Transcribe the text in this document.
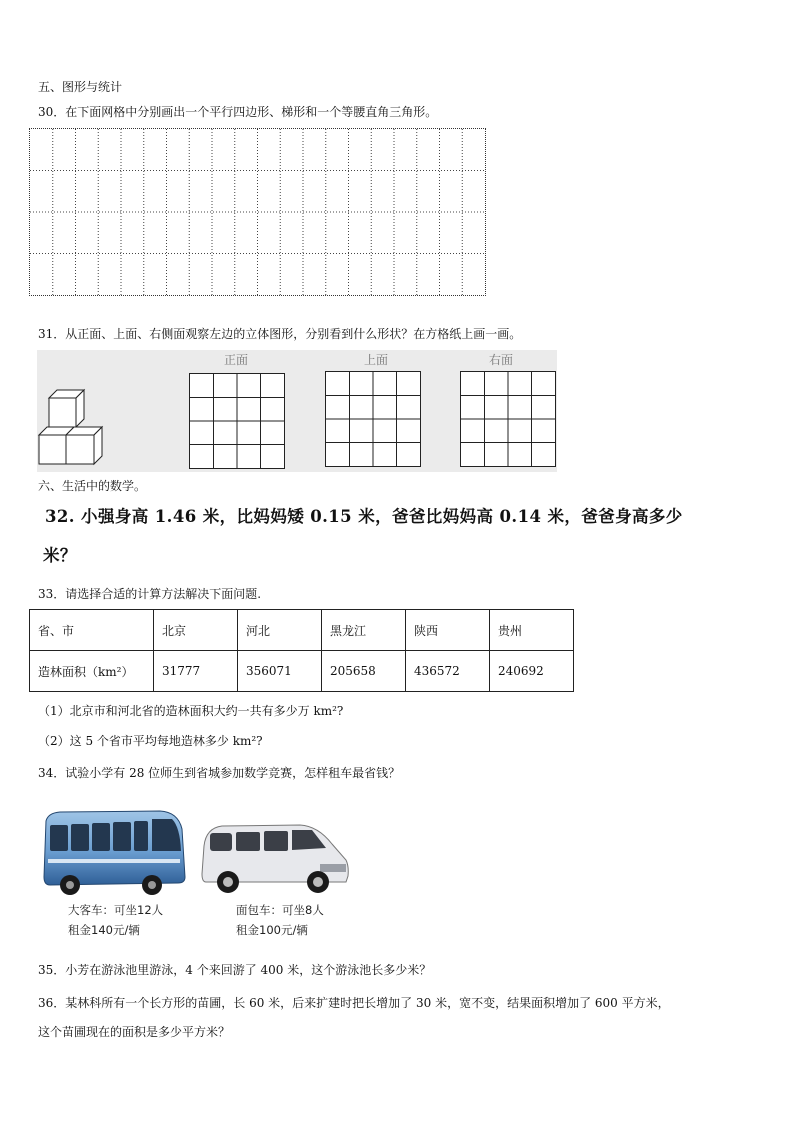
五、图形与统计
30．在下面网格中分别画出一个平行四边形、梯形和一个等腰直角三角形。
31．从正面、上面、右侧面观察左边的立体图形，分别看到什么形状？在方格纸上画一画。
正面	上面	右面
六、生活中的数学。
32. 小强身高 1.46 米，比妈妈矮 0.15 米，爸爸比妈妈高 0.14 米，爸爸身高多少
米？
33．请选择合适的计算方法解决下面问题.
省、市	北京	河北	黑龙江	陕西	贵州
造林面积（km²）	31777	356071	205658	436572	240692
（1）北京市和河北省的造林面积大约一共有多少万 km²?
（2）这 5 个省市平均每地造林多少 km²?
34．试验小学有 28 位师生到省城参加数学竞赛，怎样租车最省钱？
大客车：可坐12人
租金140元/辆
面包车：可坐8人
租金100元/辆
35．小芳在游泳池里游泳，4 个来回游了 400 米，这个游泳池长多少米？
36．某林科所有一个长方形的苗圃，长 60 米，后来扩建时把长增加了 30 米，宽不变，结果面积增加了 600 平方米，
这个苗圃现在的面积是多少平方米？
